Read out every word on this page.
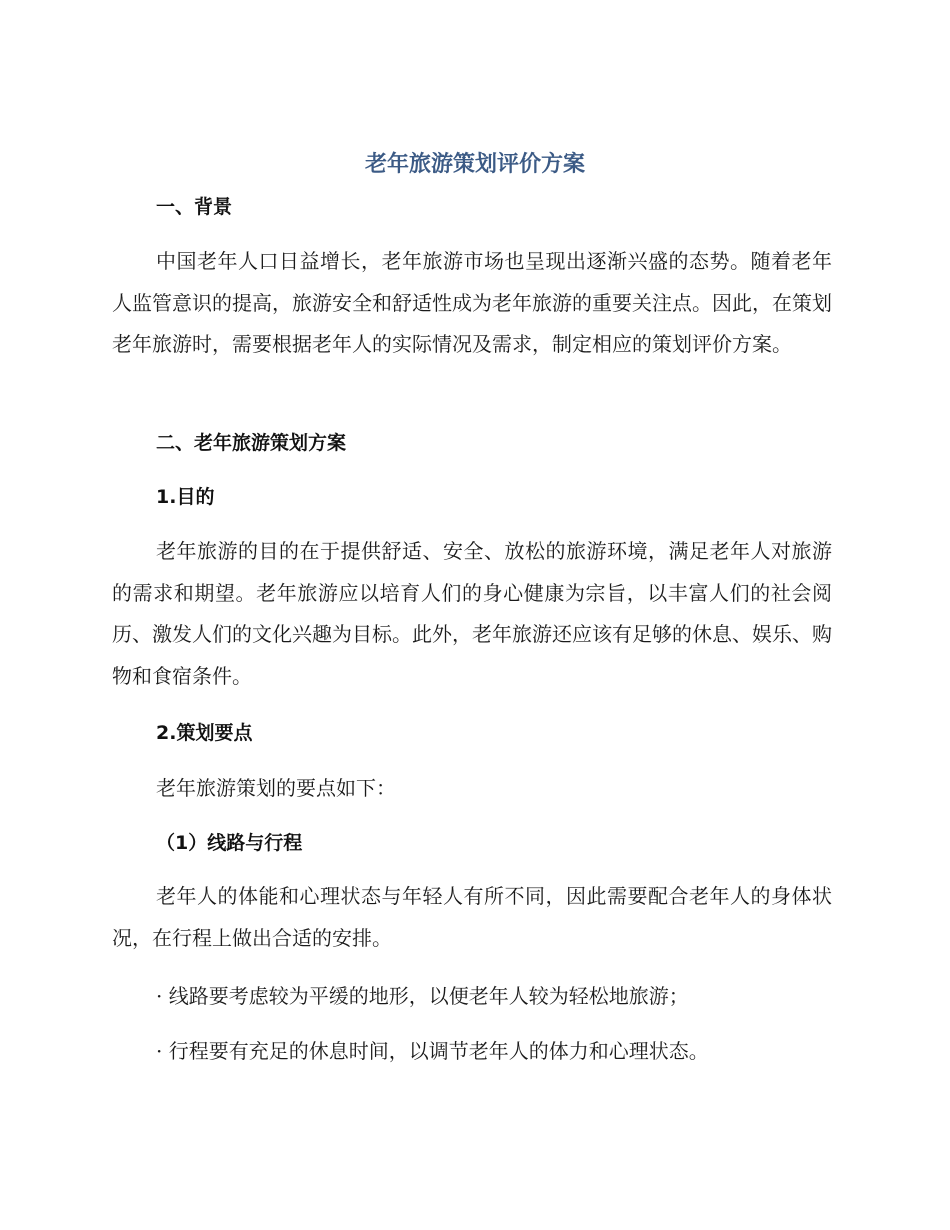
老年旅游策划评价方案
一、背景

中国老年人口日益增长，老年旅游市场也呈现出逐渐兴盛的态势。随着老年人监管意识的提高，旅游安全和舒适性成为老年旅游的重要关注点。因此，在策划老年旅游时，需要根据老年人的实际情况及需求，制定相应的策划评价方案。

二、老年旅游策划方案
1.目的

老年旅游的目的在于提供舒适、安全、放松的旅游环境，满足老年人对旅游的需求和期望。老年旅游应以培育人们的身心健康为宗旨，以丰富人们的社会阅历、激发人们的文化兴趣为目标。此外，老年旅游还应该有足够的休息、娱乐、购物和食宿条件。

2.策划要点

老年旅游策划的要点如下：

（1）线路与行程

老年人的体能和心理状态与年轻人有所不同，因此需要配合老年人的身体状况，在行程上做出合适的安排。

· 线路要考虑较为平缓的地形，以便老年人较为轻松地旅游；

· 行程要有充足的休息时间，以调节老年人的体力和心理状态。
